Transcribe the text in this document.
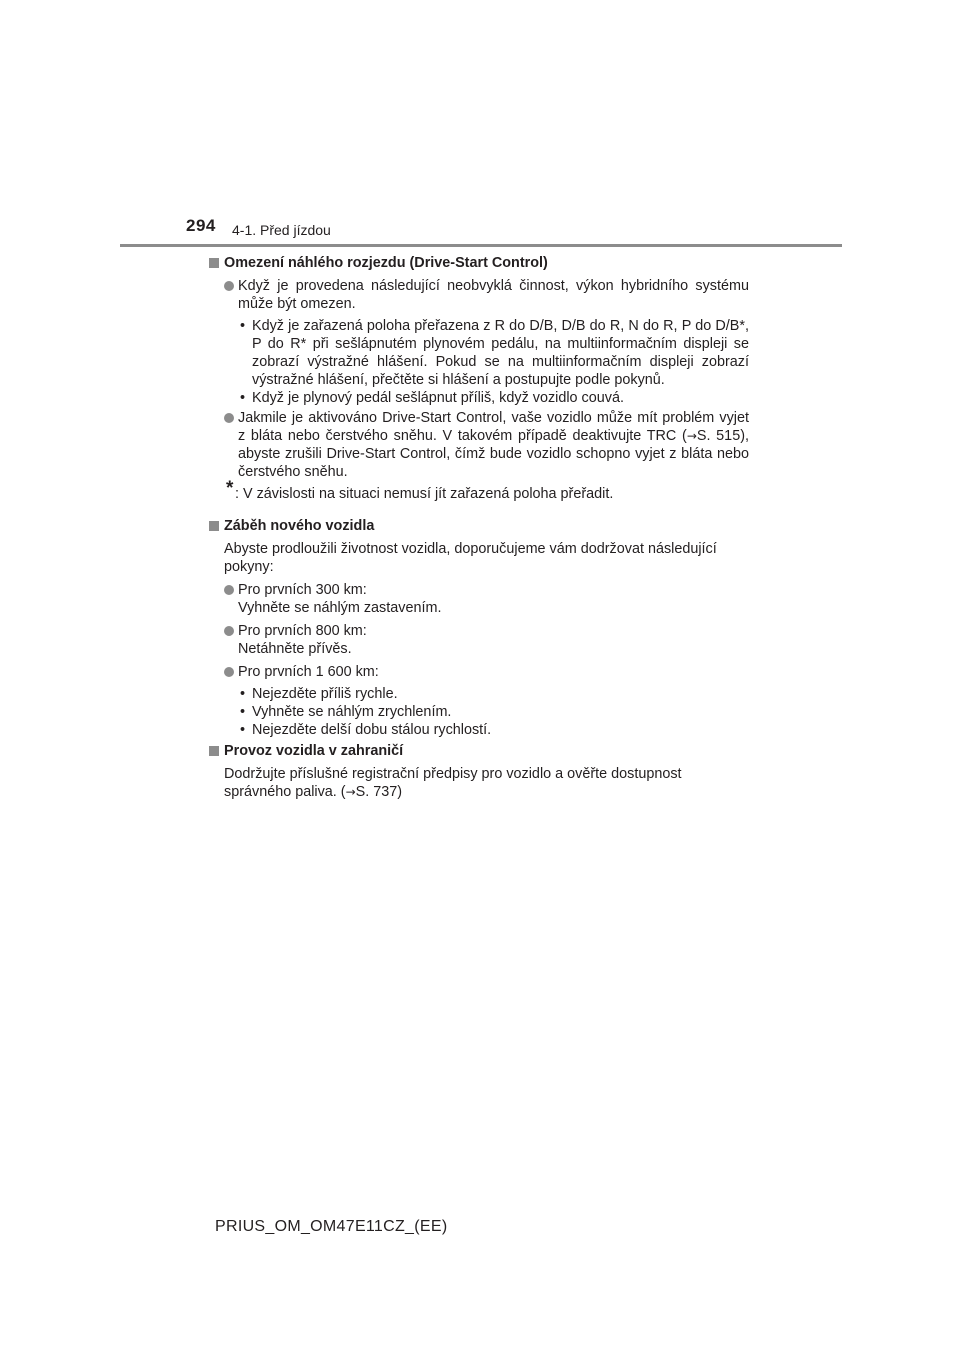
294 4-1. Před jízdou
Omezení náhlého rozjezdu (Drive-Start Control)
Když je provedena následující neobvyklá činnost, výkon hybridního systému může být omezen.
• Když je zařazená poloha přeřazena z R do D/B, D/B do R, N do R, P do D/B*, P do R* při sešlápnutém plynovém pedálu, na multiinformačním displeji se zobrazí výstražné hlášení. Pokud se na multiinformačním displeji zobrazí výstražné hlášení, přečtěte si hlášení a postupujte podle pokynů.
• Když je plynový pedál sešlápnut příliš, když vozidlo couvá.
Jakmile je aktivováno Drive-Start Control, vaše vozidlo může mít problém vyjet z bláta nebo čerstvého sněhu. V takovém případě deaktivujte TRC (→S. 515), abyste zrušili Drive-Start Control, čímž bude vozidlo schopno vyjet z bláta nebo čerstvého sněhu.
* : V závislosti na situaci nemusí jít zařazená poloha přeřadit.
Záběh nového vozidla
Abyste prodloužili životnost vozidla, doporučujeme vám dodržovat následující pokyny:
Pro prvních 300 km:
Vyhněte se náhlým zastavením.
Pro prvních 800 km:
Netáhněte přívěs.
Pro prvních 1 600 km:
• Nejezděte příliš rychle.
• Vyhněte se náhlým zrychlením.
• Nejezděte delší dobu stálou rychlostí.
Provoz vozidla v zahraničí
Dodržujte příslušné registrační předpisy pro vozidlo a ověřte dostupnost správného paliva. (→S. 737)
PRIUS_OM_OM47E11CZ_(EE)
